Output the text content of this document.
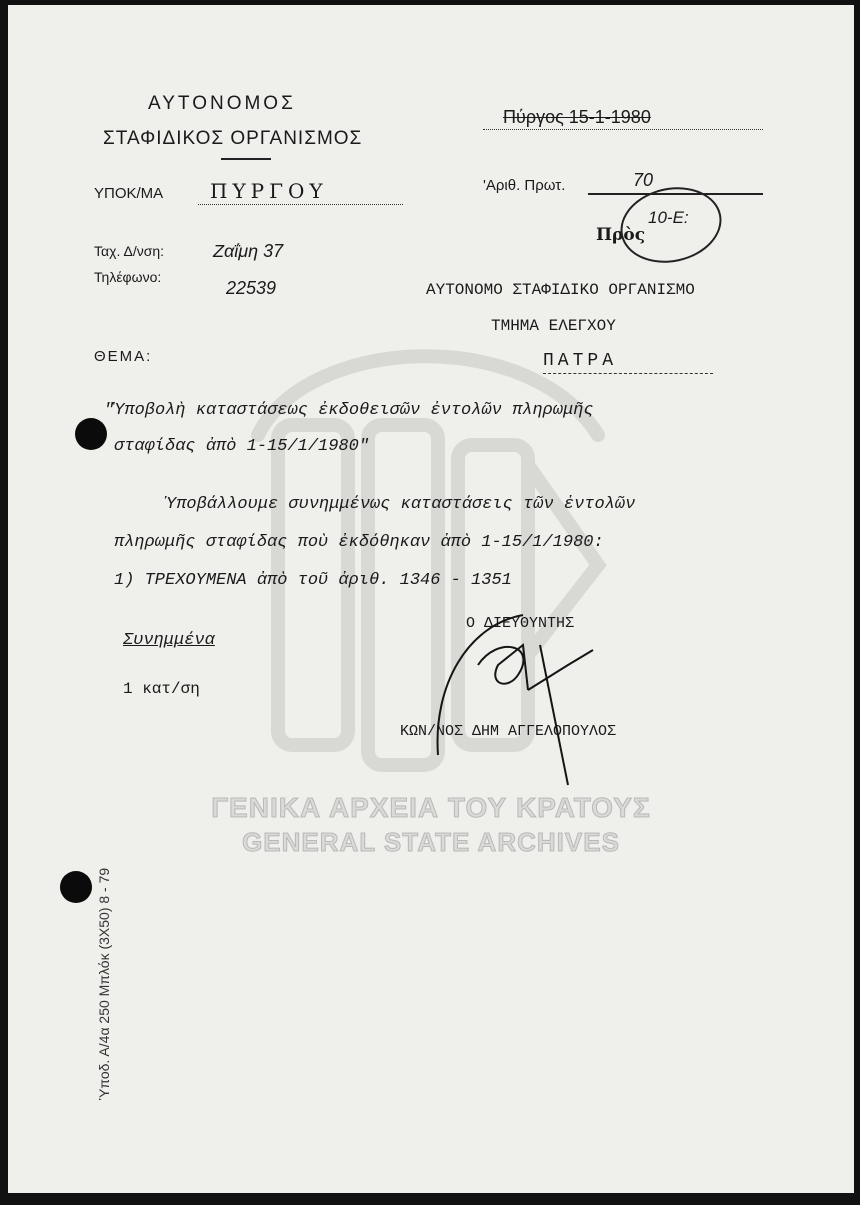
ΑΥΤΟΝΟΜΟΣ
ΣΤΑΦΙΔΙΚΟΣ ΟΡΓΑΝΙΣΜΟΣ
ΥΠΟΚ/ΜΑ ΠΥΡΓΟΥ
Ταχ. Δ/νση:	Ζαΐμη 37
Τηλέφωνο:
22539
Πύργος 15-1-1980
'Αριθ. Πρωτ.	70
Πρὸς
10-Ε:
ΑΥΤΟΝΟΜΟ ΣΤΑΦΙΔΙΚΟ ΟΡΓΑΝΙΣΜΟ
ΤΜΗΜΑ ΕΛΕΓΧΟΥ
ΠΑΤΡΑ
ΘΕΜΑ:
"Ὑποβολὴ καταστάσεως ἐκδοθεισῶν ἐντολῶν πληρωμῆς
σταφίδας ἀπὸ 1-15/1/1980"
Ὑποβάλλουμε συνημμένως καταστάσεις τῶν ἐντολῶν
πληρωμῆς σταφίδας ποὺ ἐκδόθηκαν ἀπὸ 1-15/1/1980:
1) ΤΡΕΧΟΥΜΕΝΑ ἀπὸ τοῦ ἀριθ. 1346 - 1351
Ο ΔΙΕΥΘΥΝΤΗΣ
ΚΩΝ/ΝΟΣ ΔΗΜ ΑΓΓΕΛΟΠΟΥΛΟΣ
Συνημμένα
1 κατ/ση
ΓΕΝΙΚΑ ΑΡΧΕΙΑ ΤΟΥ ΚΡΑΤΟΥΣ
GENERAL STATE ARCHIVES
Ὑποδ. Α/4α 250 Μπλόκ (3Χ50) 8 - 79
